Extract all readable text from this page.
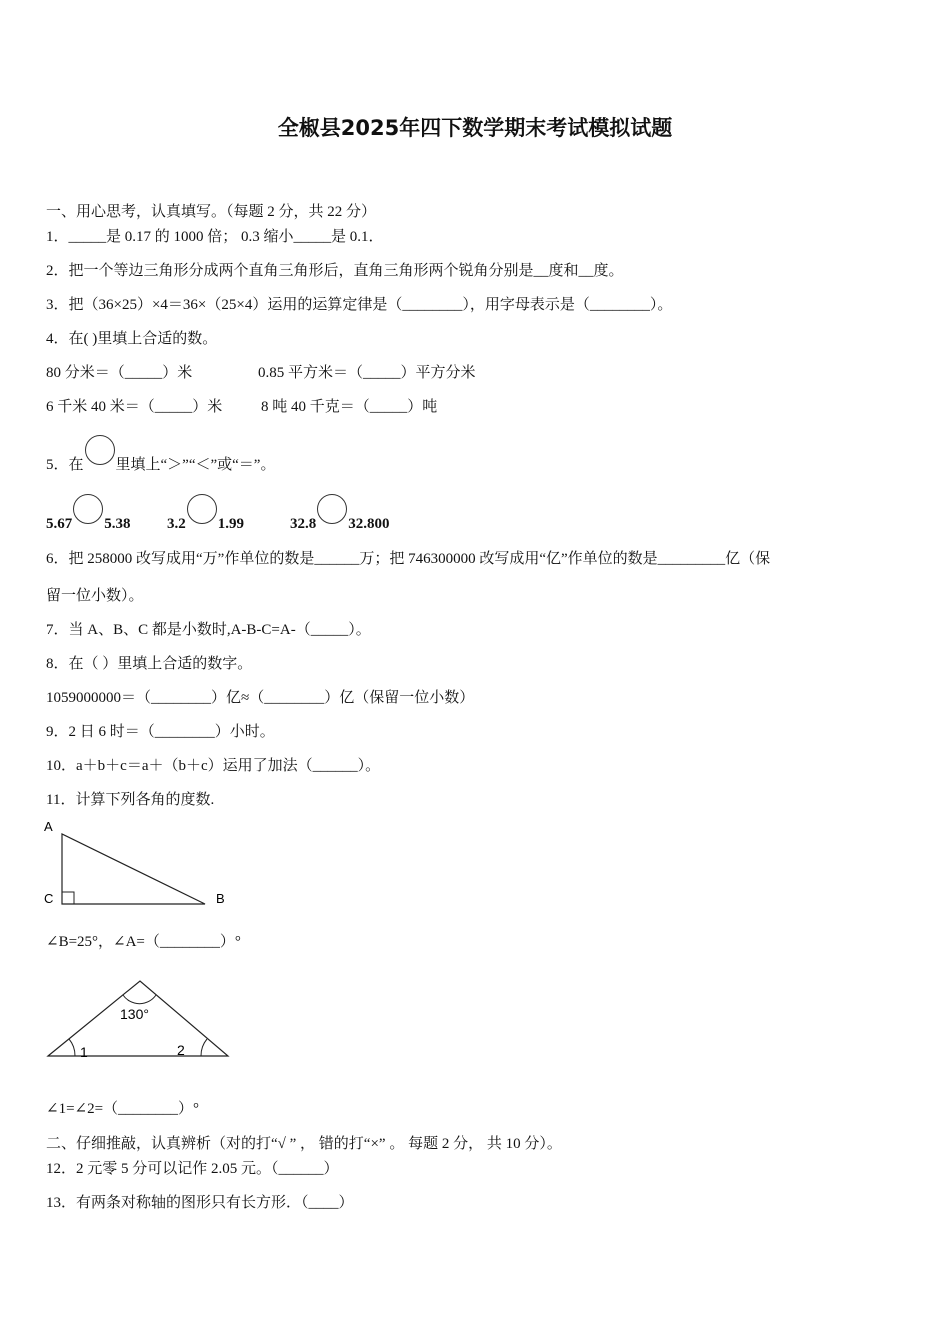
全椒县2025年四下数学期末考试模拟试题
一、用心思考，认真填写。（每题 2 分，共 22 分）
1．_____是 0.17 的 1000 倍； 0.3 缩小_____是 0.1．
2．把一个等边三角形分成两个直角三角形后，直角三角形两个锐角分别是__度和__度。
3．把（36×25）×4＝36×（25×4）运用的运算定律是（________），用字母表示是（________）。
4．在( )里填上合适的数。
80 分米＝（_____）米	0.85 平方米＝（_____）平方分米
6 千米 40 米＝（_____）米	8 吨 40 千克＝（_____）吨
5．在 里填上“＞”“＜”或“＝”。
5.67 5.38 3.2 1.99	32.8 32.800
6．把 258000 改写成用“万”作单位的数是______万；把 746300000 改写成用“亿”作单位的数是_________亿（保
留一位小数）。
7．当 A、B、C 都是小数时,A-B-C=A-（_____）。
8．在（ ）里填上合适的数字。
1059000000＝（________）亿≈（________）亿（保留一位小数）
9．2 日 6 时＝（________）小时。
10．a＋b＋c＝a＋（b＋c）运用了加法（______）。
11．计算下列各角的度数.
A
C	B
∠B=25°，∠A=（________）°
130°
1	2
∠1=∠2=（________）°
二、仔细推敲，认真辨析（对的打“√ ” ， 错的打“×” 。 每题 2 分， 共 10 分）。
12．2 元零 5 分可以记作 2.05 元。（______）
13．有两条对称轴的图形只有长方形．（____）
